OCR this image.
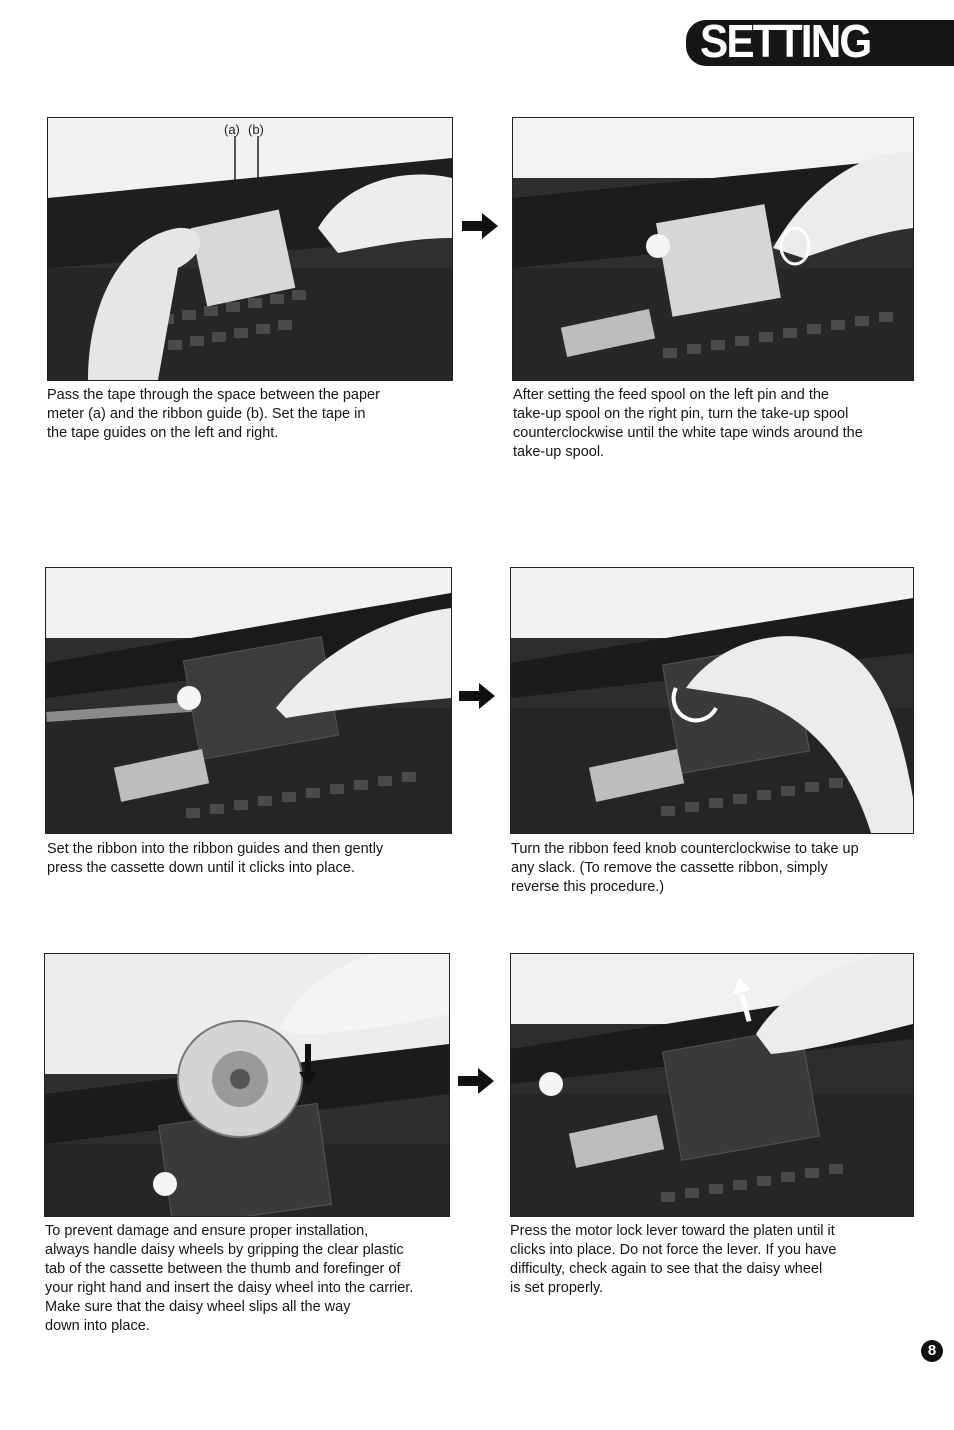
SETTING
(a) (b)
Pass the tape through the space between the paper
meter (a) and the ribbon guide (b). Set the tape in
the tape guides on the left and right.
After setting the feed spool on the left pin and the
take-up spool on the right pin, turn the take-up spool
counterclockwise until the white tape winds around the
take-up spool.
Set the ribbon into the ribbon guides and then gently
press the cassette down until it clicks into place.
Turn the ribbon feed knob counterclockwise to take up
any slack. (To remove the cassette ribbon, simply
reverse this procedure.)
To prevent damage and ensure proper installation,
always handle daisy wheels by gripping the clear plastic
tab of the cassette between the thumb and forefinger of
your right hand and insert the daisy wheel into the carrier.
Make sure that the daisy wheel slips all the way
down into place.
Press the motor lock lever toward the platen until it
clicks into place. Do not force the lever. If you have
difficulty, check again to see that the daisy wheel
is set properly.
8
